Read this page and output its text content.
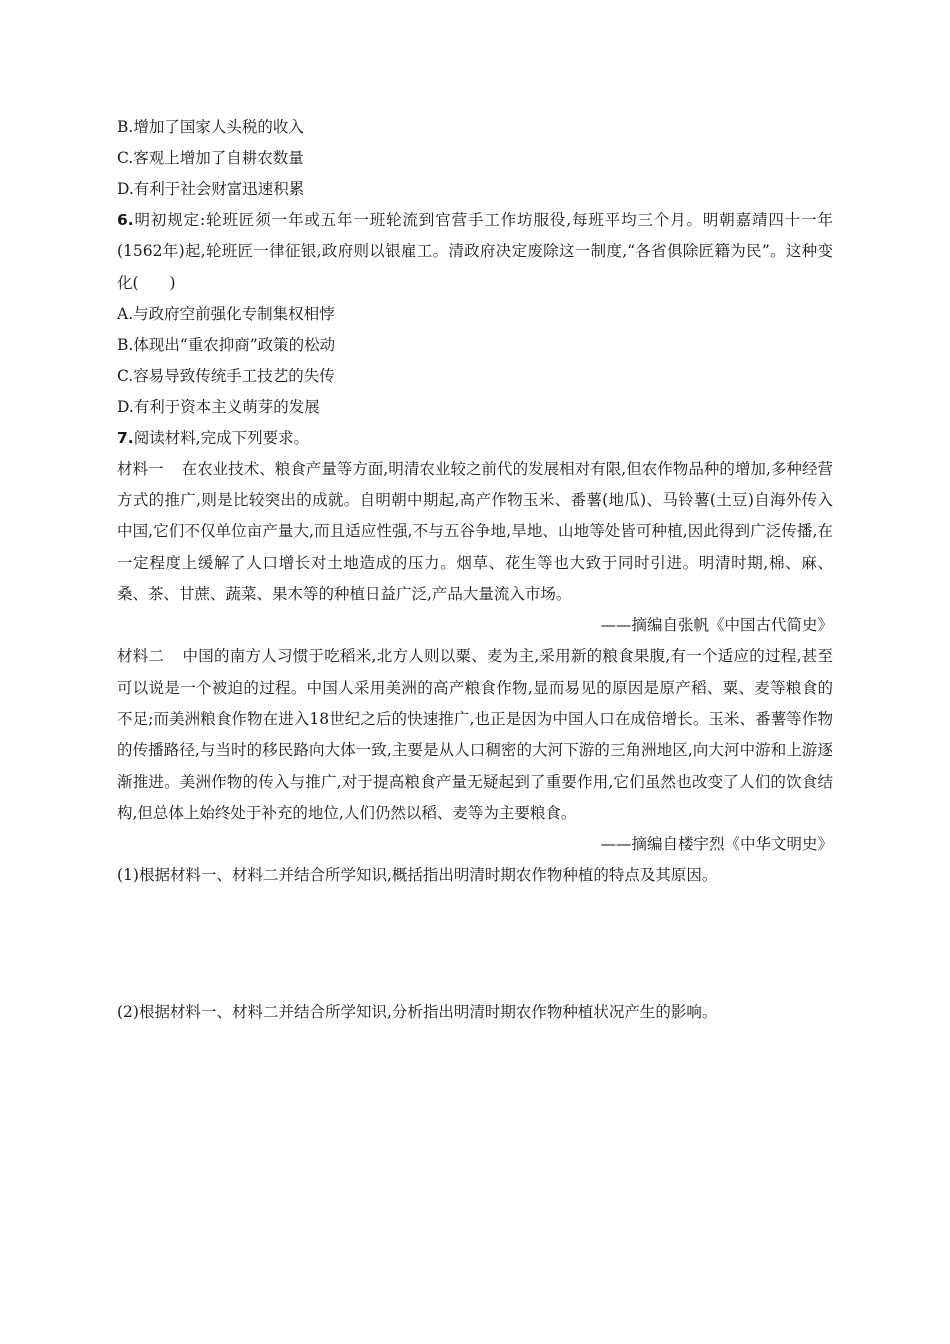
B.增加了国家人头税的收入
C.客观上增加了自耕农数量
D.有利于社会财富迅速积累

6.明初规定:轮班匠须一年或五年一班轮流到官营手工作坊服役,每班平均三个月。明朝嘉靖四十一年(1562年)起,轮班匠一律征银,政府则以银雇工。清政府决定废除这一制度,“各省俱除匠籍为民”。这种变化(　　)

A.与政府空前强化专制集权相悖
B.体现出“重农抑商”政策的松动
C.容易导致传统手工技艺的失传
D.有利于资本主义萌芽的发展
7.阅读材料,完成下列要求。

材料一 在农业技术、粮食产量等方面,明清农业较之前代的发展相对有限,但农作物品种的增加,多种经营方式的推广,则是比较突出的成就。自明朝中期起,高产作物玉米、番薯(地瓜)、马铃薯(土豆)自海外传入中国,它们不仅单位亩产量大,而且适应性强,不与五谷争地,旱地、山地等处皆可种植,因此得到广泛传播,在一定程度上缓解了人口增长对土地造成的压力。烟草、花生等也大致于同时引进。明清时期,棉、麻、桑、茶、甘蔗、蔬菜、果木等的种植日益广泛,产品大量流入市场。

——摘编自张帆《中国古代简史》

材料二 中国的南方人习惯于吃稻米,北方人则以粟、麦为主,采用新的粮食果腹,有一个适应的过程,甚至可以说是一个被迫的过程。中国人采用美洲的高产粮食作物,显而易见的原因是原产稻、粟、麦等粮食的不足;而美洲粮食作物在进入18世纪之后的快速推广,也正是因为中国人口在成倍增长。玉米、番薯等作物的传播路径,与当时的移民路向大体一致,主要是从人口稠密的大河下游的三角洲地区,向大河中游和上游逐渐推进。美洲作物的传入与推广,对于提高粮食产量无疑起到了重要作用,它们虽然也改变了人们的饮食结构,但总体上始终处于补充的地位,人们仍然以稻、麦等为主要粮食。

——摘编自楼宇烈《中华文明史》
(1)根据材料一、材料二并结合所学知识,概括指出明清时期农作物种植的特点及其原因。
(2)根据材料一、材料二并结合所学知识,分析指出明清时期农作物种植状况产生的影响。
